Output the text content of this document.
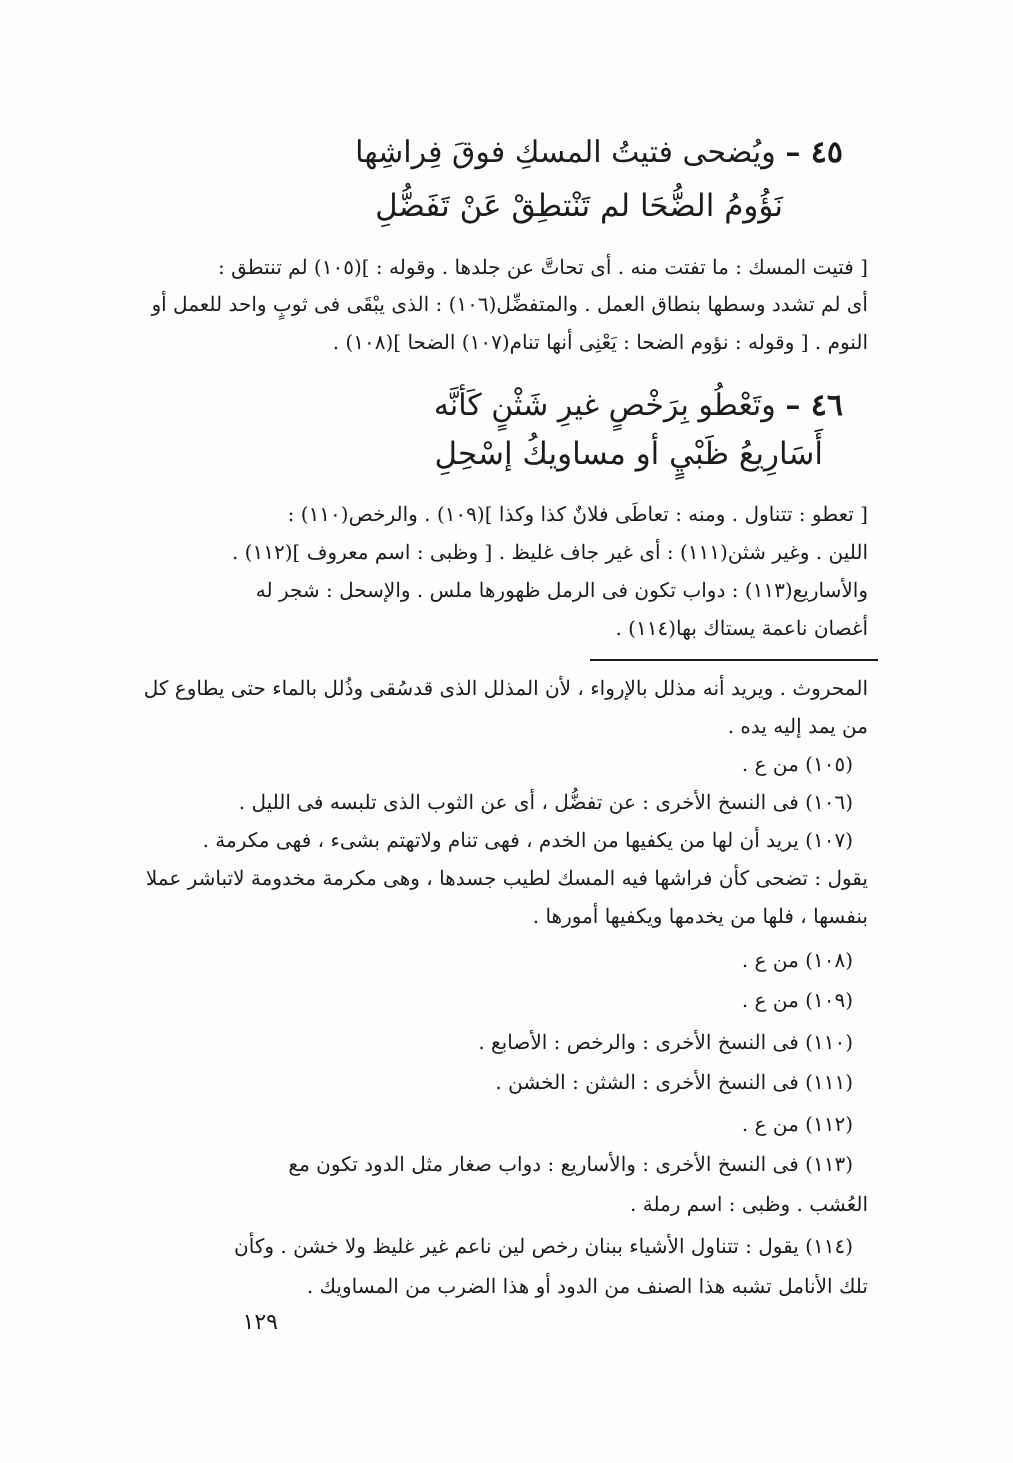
٤٥ – ويُضحى فتيتُ المسكِ فوقَ فِراشِها
نَؤُومُ الضُّحَا لم تَنْتطِقْ عَنْ تَفَضُّلِ
[ فتيت المسك : ما تفتت منه . أى تحاتَّ عن جلدها . وقوله : ](١٠٥) لم تنتطق :
أى لم تشدد وسطها بنطاق العمل . والمتفضِّل(١٠٦) : الذى يبْقَى فى ثوبٍ واحد للعمل أو
النوم . [ وقوله : نؤوم الضحا : يَعْنِى أنها تنام(١٠٧) الضحا ](١٠٨) .
٤٦ – وتَعْطُو بِرَخْصٍ غيرِ شَثْنٍ كَأنَّه
أَسَارِيعُ ظَبْيٍ أو مساويكُ إسْحِلِ
[ تعطو : تتناول . ومنه : تعاطَى فلانٌ كذا وكذا ](١٠٩) . والرخص(١١٠) :
اللين . وغير شثن(١١١) : أى غير جاف غليظ . [ وظبى : اسم معروف ](١١٢) .
والأساريع(١١٣) : دواب تكون فى الرمل ظهورها ملس . والإسحل : شجر له
أغصان ناعمة يستاك بها(١١٤) .
المحروث . ويريد أنه مذلل بالإرواء ، لأن المذلل الذى قدسُقى وذُلل بالماء حتى يطاوع كل
من يمد إليه يده .
(١٠٥) من ع .
(١٠٦) فى النسخ الأخرى : عن تفضُّل ، أى عن الثوب الذى تلبسه فى الليل .
(١٠٧) يريد أن لها من يكفيها من الخدم ، فهى تنام ولاتهتم بشىء ، فهى مكرمة .
يقول : تضحى كأن فراشها فيه المسك لطيب جسدها ، وهى مكرمة مخدومة لاتباشر عملا
بنفسها ، فلها من يخدمها ويكفيها أمورها .
(١٠٨) من ع .
(١٠٩) من ع .
(١١٠) فى النسخ الأخرى : والرخص : الأصابع .
(١١١) فى النسخ الأخرى : الشثن : الخشن .
(١١٢) من ع .
(١١٣) فى النسخ الأخرى : والأساريع : دواب صغار مثل الدود تكون مع
العُشب . وظبى : اسم رملة .
(١١٤) يقول : تتناول الأشياء ببنان رخص لين ناعم غير غليظ ولا خشن . وكأن
تلك الأنامل تشبه هذا الصنف من الدود أو هذا الضرب من المساويك .
١٢٩
